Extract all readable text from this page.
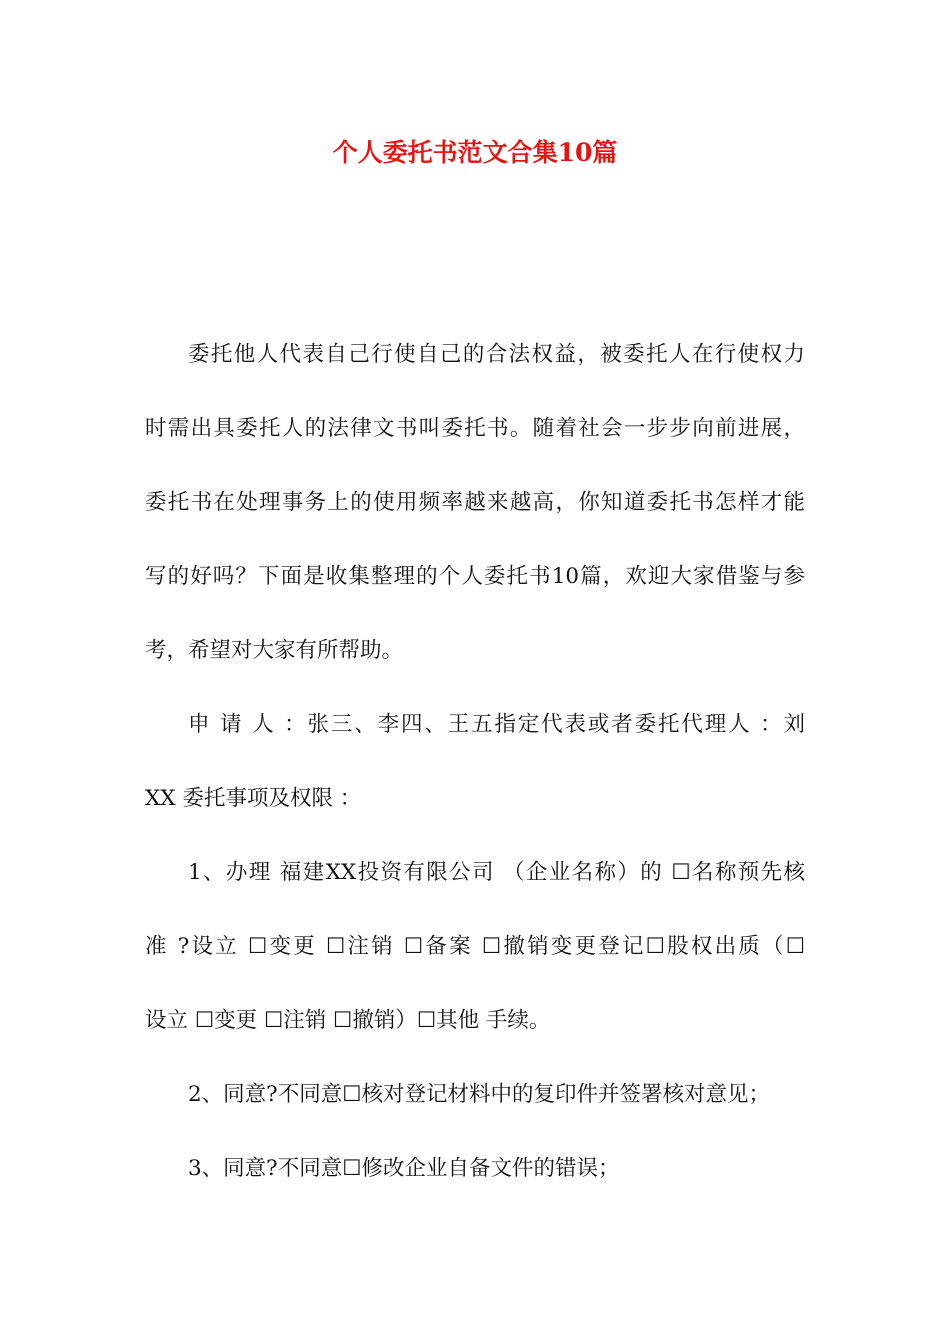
个人委托书范文合集10篇

委托他人代表自己行使自己的合法权益，被委托人在行使权力
时需出具委托人的法律文书叫委托书。随着社会一步步向前进展，
委托书在处理事务上的使用频率越来越高，你知道委托书怎样才能
写的好吗？下面是收集整理的个人委托书10篇，欢迎大家借鉴与参
考，希望对大家有所帮助。

申 请 人 ：张三、李四、王五指定代表或者委托代理人 ：刘
XX 委托事项及权限 ：

1、办理 福建XX投资有限公司 （企业名称）的 ☐名称预先核
准 ?设立 ☐变更 ☐注销 ☐备案 ☐撤销变更登记☐股权出质（☐
设立 ☐变更 ☐注销 ☐撤销）☐其他 手续。

2、同意?不同意☐核对登记材料中的复印件并签署核对意见；

3、同意?不同意☐修改企业自备文件的错误；
